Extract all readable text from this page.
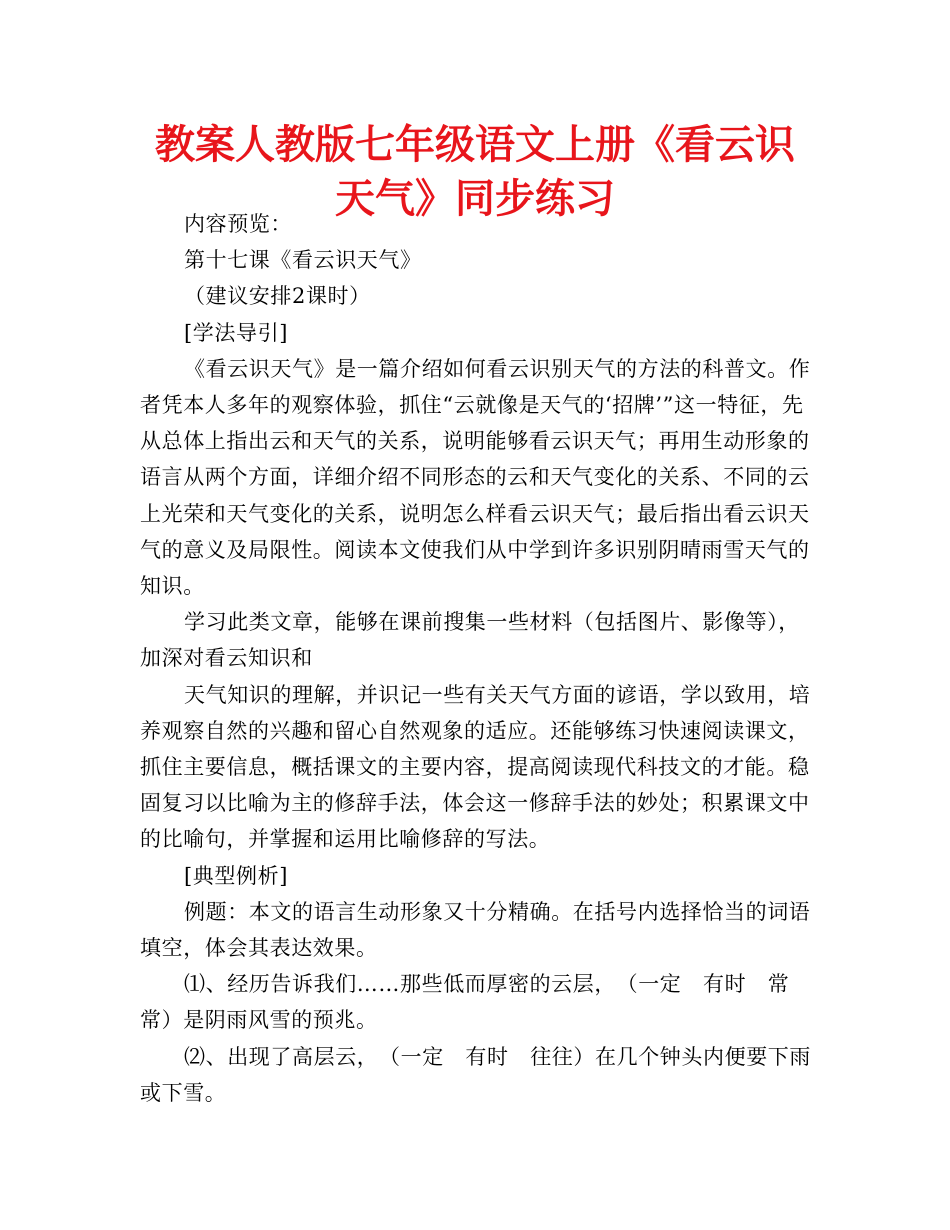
教案人教版七年级语文上册《看云识天气》同步练习

内容预览：

第十七课《看云识天气》

（建议安排2课时）

[学法导引]

《看云识天气》是一篇介绍如何看云识别天气的方法的科普文。作者凭本人多年的观察体验，抓住“云就像是天气的‘招牌’”这一特征，先从总体上指出云和天气的关系，说明能够看云识天气；再用生动形象的语言从两个方面，详细介绍不同形态的云和天气变化的关系、不同的云上光荣和天气变化的关系，说明怎么样看云识天气；最后指出看云识天气的意义及局限性。阅读本文使我们从中学到许多识别阴晴雨雪天气的知识。

学习此类文章，能够在课前搜集一些材料（包括图片、影像等），加深对看云知识和

天气知识的理解，并识记一些有关天气方面的谚语，学以致用，培养观察自然的兴趣和留心自然观象的适应。还能够练习快速阅读课文，抓住主要信息，概括课文的主要内容，提高阅读现代科技文的才能。稳固复习以比喻为主的修辞手法，体会这一修辞手法的妙处；积累课文中的比喻句，并掌握和运用比喻修辞的写法。

[典型例析]

例题：本文的语言生动形象又十分精确。在括号内选择恰当的词语填空，体会其表达效果。

⑴、经历告诉我们……那些低而厚密的云层，　（一定　有时　常常）是阴雨风雪的预兆。

⑵、出现了高层云，　（一定　有时　往往）在几个钟头内便要下雨或下雪。
